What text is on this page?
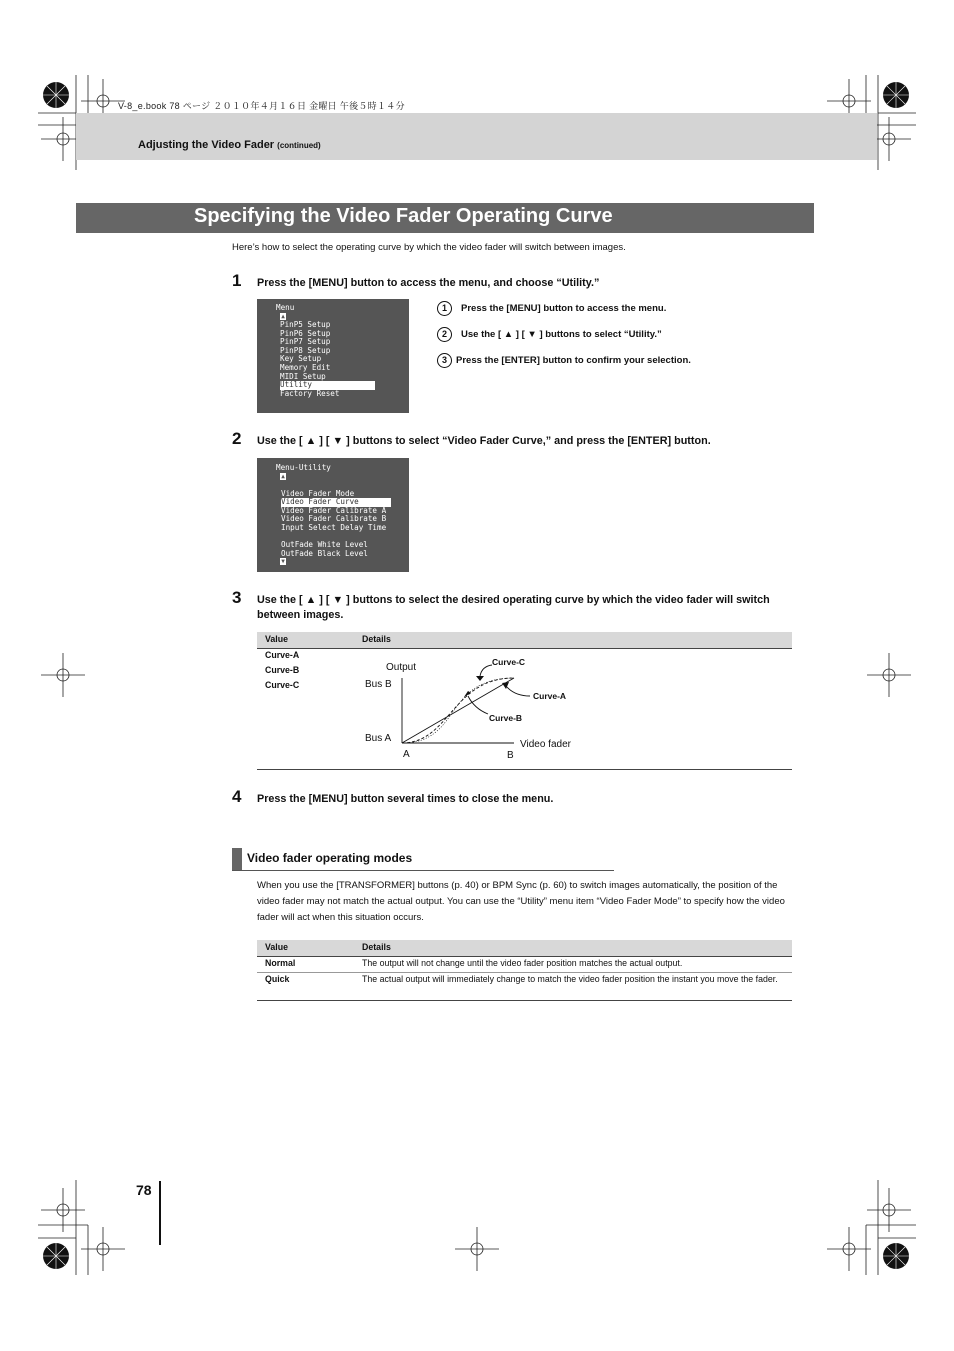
V-8_e.book 78 ページ ２０１０年４月１６日 金曜日 午後５時１４分
Adjusting the Video Fader (continued)
Specifying the Video Fader Operating Curve
Here’s how to select the operating curve by which the video fader will switch between images.
1 Press the [MENU] button to access the menu, and choose “Utility.”
Menu
▲
PinP5 Setup
PinP6 Setup
PinP7 Setup
PinP8 Setup
Key Setup
Memory Edit
MIDI Setup
Utility
Factory Reset
1	Press the [MENU] button to access the menu.
2	Use the [ ▲ ] [ ▼ ] buttons to select “Utility.”
3 Press the [ENTER] button to confirm your selection.
2 Use the [ ▲ ] [ ▼ ] buttons to select “Video Fader Curve,” and press the [ENTER] button.
Menu-Utility
▲
Video Fader Mode
Video Fader Curve
Video Fader Calibrate A
Video Fader Calibrate B
Input Select Delay Time
OutFade White Level
OutFade Black Level
▼
3 Use the [ ▲ ] [ ▼ ] buttons to select the desired operating curve by which the video fader will switch between images.
Value	Details
Curve-A
Curve-B
Curve-C
Output
Bus B
Bus A
A	B
Video fader
Curve-C
Curve-A
Curve-B
4 Press the [MENU] button several times to close the menu.
Video fader operating modes
When you use the [TRANSFORMER] buttons (p. 40) or BPM Sync (p. 60) to switch images automatically, the position of the video fader may not match the actual output. You can use the “Utility” menu item “Video Fader Mode” to specify how the video fader will act when this situation occurs.
Value	Details
Normal	The output will not change until the video fader position matches the actual output.
Quick	The actual output will immediately change to match the video fader position the instant you move the fader.
78
